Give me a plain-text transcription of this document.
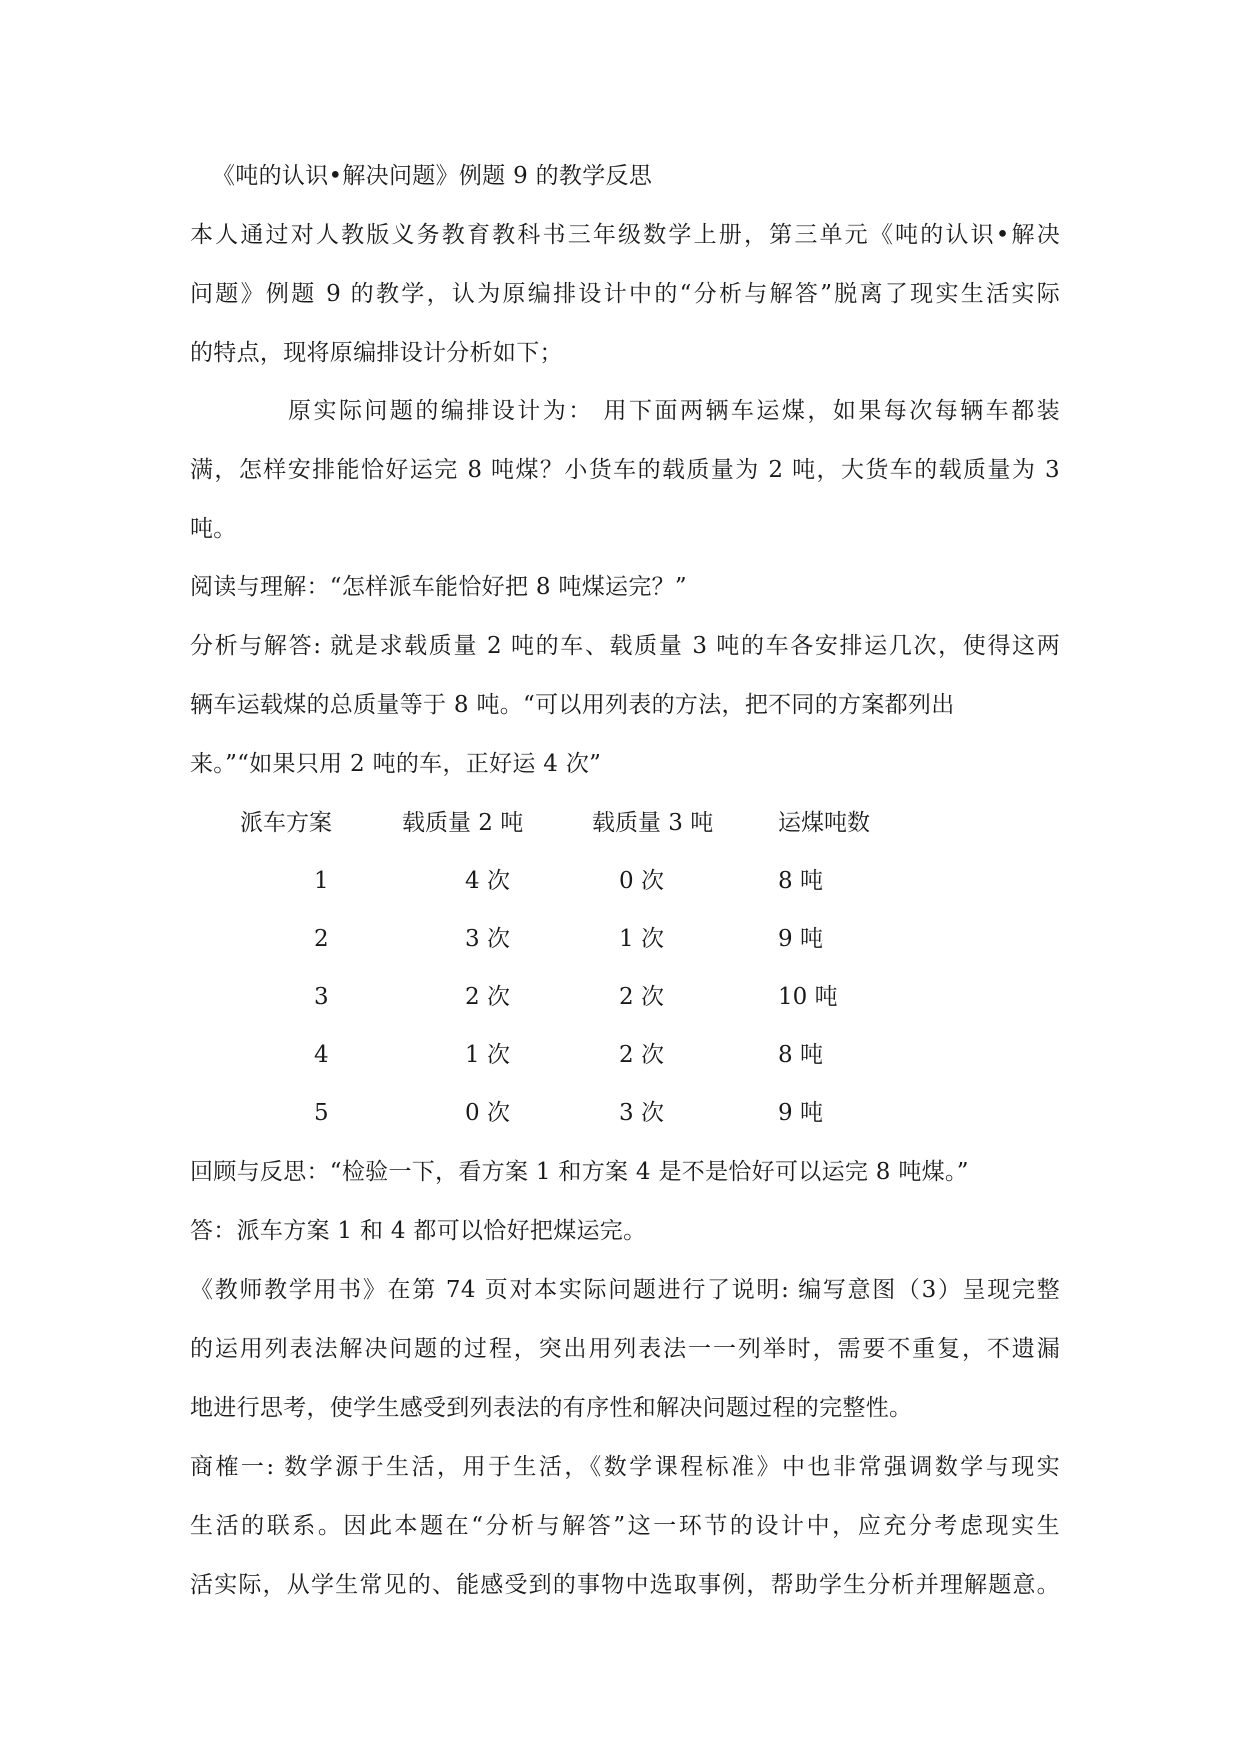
《吨的认识•解决问题》例题 9 的教学反思
本人通过对人教版义务教育教科书三年级数学上册，第三单元《吨的认识•解决
问题》例题 9 的教学，认为原编排设计中的“分析与解答”脱离了现实生活实际
的特点，现将原编排设计分析如下；
原实际问题的编排设计为： 用下面两辆车运煤，如果每次每辆车都装
满，怎样安排能恰好运完 8 吨煤？小货车的载质量为 2 吨，大货车的载质量为 3
吨。
阅读与理解：“怎样派车能恰好把 8 吨煤运完？”
分析与解答: 就是求载质量 2 吨的车、载质量 3 吨的车各安排运几次，使得这两
辆车运载煤的总质量等于 8 吨。“可以用列表的方法，把不同的方案都列出
来。”“如果只用 2 吨的车，正好运 4 次”
派车方案	载质量 2 吨	载质量 3 吨	运煤吨数
1	4 次	0 次	8 吨
2	3 次	1 次	9 吨
3	2 次	2 次	10 吨
4	1 次	2 次	8 吨
5	0 次	3 次	9 吨
回顾与反思：“检验一下，看方案 1 和方案 4 是不是恰好可以运完 8 吨煤。”
答：派车方案 1 和 4 都可以恰好把煤运完。
《教师教学用书》在第 74 页对本实际问题进行了说明: 编写意图（3）呈现完整
的运用列表法解决问题的过程，突出用列表法一一列举时，需要不重复，不遗漏
地进行思考，使学生感受到列表法的有序性和解决问题过程的完整性。
商榷一: 数学源于生活，用于生活，《数学课程标准》中也非常强调数学与现实
生活的联系。因此本题在“分析与解答”这一环节的设计中，应充分考虑现实生
活实际，从学生常见的、能感受到的事物中选取事例，帮助学生分析并理解题意。
